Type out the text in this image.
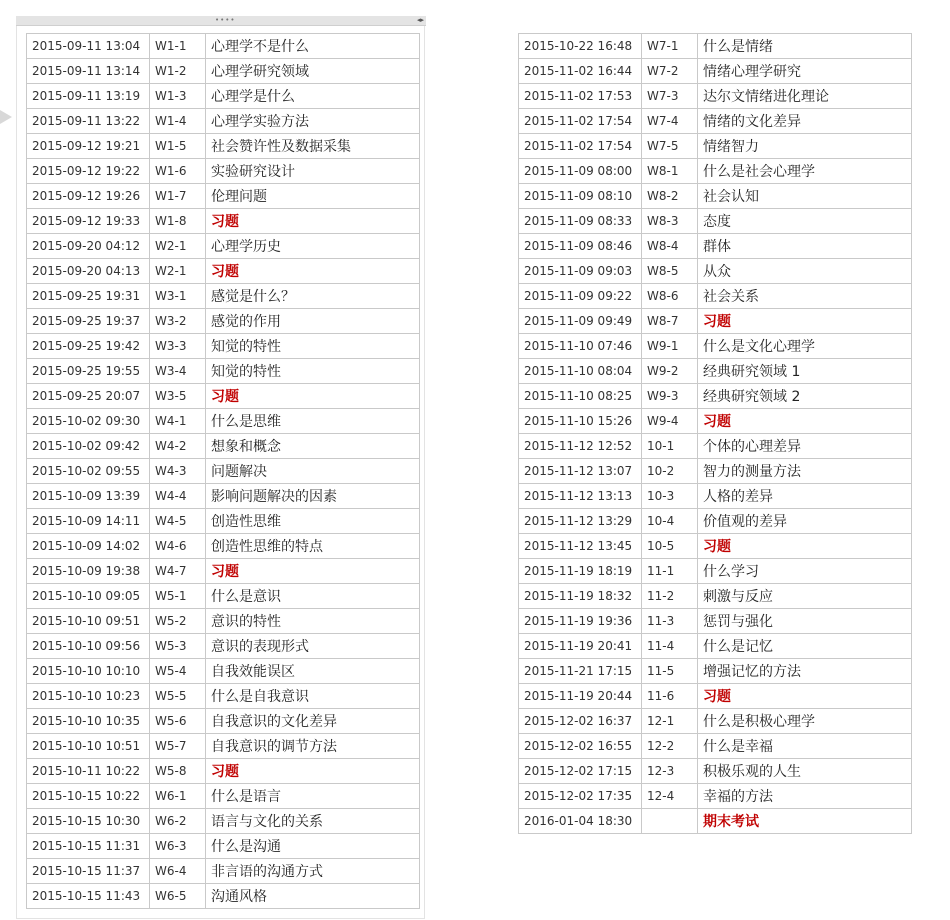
••••	◂▸
2015-09-11 13:04	W1-1	心理学不是什么
2015-09-11 13:14	W1-2	心理学研究领域
2015-09-11 13:19	W1-3	心理学是什么
2015-09-11 13:22	W1-4	心理学实验方法
2015-09-12 19:21	W1-5	社会赞许性及数据采集
2015-09-12 19:22	W1-6	实验研究设计
2015-09-12 19:26	W1-7	伦理问题
2015-09-12 19:33	W1-8	习题
2015-09-20 04:12	W2-1	心理学历史
2015-09-20 04:13	W2-1	习题
2015-09-25 19:31	W3-1	感觉是什么？
2015-09-25 19:37	W3-2	感觉的作用
2015-09-25 19:42	W3-3	知觉的特性
2015-09-25 19:55	W3-4	知觉的特性
2015-09-25 20:07	W3-5	习题
2015-10-02 09:30	W4-1	什么是思维
2015-10-02 09:42	W4-2	想象和概念
2015-10-02 09:55	W4-3	问题解决
2015-10-09 13:39	W4-4	影响问题解决的因素
2015-10-09 14:11	W4-5	创造性思维
2015-10-09 14:02	W4-6	创造性思维的特点
2015-10-09 19:38	W4-7	习题
2015-10-10 09:05	W5-1	什么是意识
2015-10-10 09:51	W5-2	意识的特性
2015-10-10 09:56	W5-3	意识的表现形式
2015-10-10 10:10	W5-4	自我效能误区
2015-10-10 10:23	W5-5	什么是自我意识
2015-10-10 10:35	W5-6	自我意识的文化差异
2015-10-10 10:51	W5-7	自我意识的调节方法
2015-10-11 10:22	W5-8	习题
2015-10-15 10:22	W6-1	什么是语言
2015-10-15 10:30	W6-2	语言与文化的关系
2015-10-15 11:31	W6-3	什么是沟通
2015-10-15 11:37	W6-4	非言语的沟通方式
2015-10-15 11:43	W6-5	沟通风格
2015-10-22 16:48	W7-1	什么是情绪
2015-11-02 16:44	W7-2	情绪心理学研究
2015-11-02 17:53	W7-3	达尔文情绪进化理论
2015-11-02 17:54	W7-4	情绪的文化差异
2015-11-02 17:54	W7-5	情绪智力
2015-11-09 08:00	W8-1	什么是社会心理学
2015-11-09 08:10	W8-2	社会认知
2015-11-09 08:33	W8-3	态度
2015-11-09 08:46	W8-4	群体
2015-11-09 09:03	W8-5	从众
2015-11-09 09:22	W8-6	社会关系
2015-11-09 09:49	W8-7	习题
2015-11-10 07:46	W9-1	什么是文化心理学
2015-11-10 08:04	W9-2	经典研究领域 1
2015-11-10 08:25	W9-3	经典研究领域 2
2015-11-10 15:26	W9-4	习题
2015-11-12 12:52	10-1	个体的心理差异
2015-11-12 13:07	10-2	智力的测量方法
2015-11-12 13:13	10-3	人格的差异
2015-11-12 13:29	10-4	价值观的差异
2015-11-12 13:45	10-5	习题
2015-11-19 18:19	11-1	什么学习
2015-11-19 18:32	11-2	刺激与反应
2015-11-19 19:36	11-3	惩罚与强化
2015-11-19 20:41	11-4	什么是记忆
2015-11-21 17:15	11-5	增强记忆的方法
2015-11-19 20:44	11-6	习题
2015-12-02 16:37	12-1	什么是积极心理学
2015-12-02 16:55	12-2	什么是幸福
2015-12-02 17:15	12-3	积极乐观的人生
2015-12-02 17:35	12-4	幸福的方法
2016-01-04 18:30		期末考试
